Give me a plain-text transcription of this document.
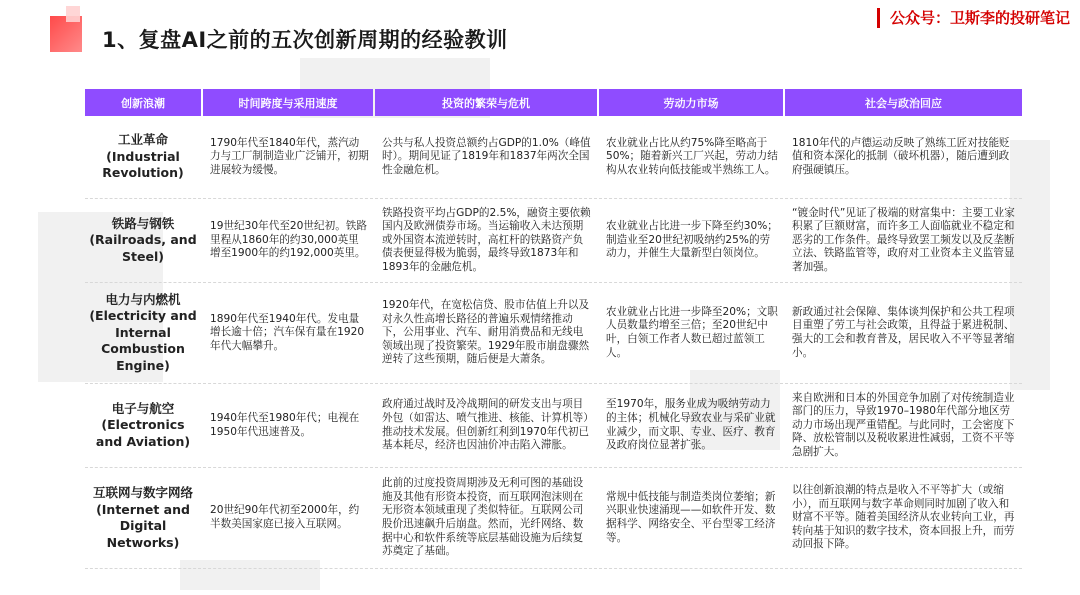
1、复盘AI之前的五次创新周期的经验教训
公众号：卫斯李的投研笔记
创新浪潮	时间跨度与采用速度	投资的繁荣与危机	劳动力市场	社会与政治回应
工业革命
(Industrial Revolution)	1790年代至1840年代，蒸汽动力与工厂制制造业广泛铺开，初期进展较为缓慢。	公共与私人投资总额约占GDP的1.0%（峰值时）。期间见证了1819年和1837年两次全国性金融危机。	农业就业占比从约75%降至略高于50%；随着新兴工厂兴起，劳动力结构从农业转向低技能或半熟练工人。	1810年代的卢德运动反映了熟练工匠对技能贬值和资本深化的抵制（破坏机器），随后遭到政府强硬镇压。
铁路与钢铁
(Railroads, and Steel)	19世纪30年代至20世纪初。铁路里程从1860年的约30,000英里增至1900年的约192,000英里。	铁路投资平均占GDP的2.5%，融资主要依赖国内及欧洲债券市场。当运输收入未达预期或外国资本流逆转时，高杠杆的铁路资产负债表便显得极为脆弱，最终导致1873年和1893年的金融危机。	农业就业占比进一步下降至约30%；制造业至20世纪初吸纳约25%的劳动力，并催生大量新型白领岗位。	“镀金时代”见证了极端的财富集中：主要工业家积累了巨额财富，而许多工人面临就业不稳定和恶劣的工作条件。最终导致罢工频发以及反垄断立法、铁路监管等，政府对工业资本主义监管显著加强。
电力与内燃机
(Electricity and Internal Combustion Engine)	1890年代至1940年代。发电量增长逾十倍；汽车保有量在1920年代大幅攀升。	1920年代，在宽松信贷、股市估值上升以及对永久性高增长路径的普遍乐观情绪推动下，公用事业、汽车、耐用消费品和无线电领域出现了投资繁荣。1929年股市崩盘骤然逆转了这些预期，随后便是大萧条。	农业就业占比进一步降至20%；文职人员数量约增至三倍；至20世纪中叶，白领工作者人数已超过蓝领工人。	新政通过社会保障、集体谈判保护和公共工程项目重塑了劳工与社会政策，且得益于累进税制、强大的工会和教育普及，居民收入不平等显著缩小。
电子与航空
(Electronics and Aviation)	1940年代至1980年代；电视在1950年代迅速普及。	政府通过战时及冷战期间的研发支出与项目外包（如雷达、喷气推进、核能、计算机等）推动技术发展。但创新红利到1970年代初已基本耗尽，经济也因油价冲击陷入滞胀。	至1970年，服务业成为吸纳劳动力的主体；机械化导致农业与采矿业就业减少，而文职、专业、医疗、教育及政府岗位显著扩张。	来自欧洲和日本的外国竞争加剧了对传统制造业部门的压力，导致1970–1980年代部分地区劳动力市场出现严重错配。与此同时，工会密度下降、放松管制以及税收累进性减弱，工资不平等急剧扩大。
互联网与数字网络
(Internet and Digital Networks)	20世纪90年代初至2000年，约半数美国家庭已接入互联网。	此前的过度投资周期涉及无利可图的基础设施及其他有形资本投资，而互联网泡沫则在无形资本领域重现了类似特征。互联网公司股价迅速飙升后崩盘。然而，光纤网络、数据中心和软件系统等底层基础设施为后续复苏奠定了基础。	常规中低技能与制造类岗位萎缩；新兴职业快速涌现——如软件开发、数据科学、网络安全、平台型零工经济等。	以往创新浪潮的特点是收入不平等扩大（或缩小），而互联网与数字革命则同时加剧了收入和财富不平等。随着美国经济从农业转向工业，再转向基于知识的数字技术，资本回报上升，而劳动回报下降。
